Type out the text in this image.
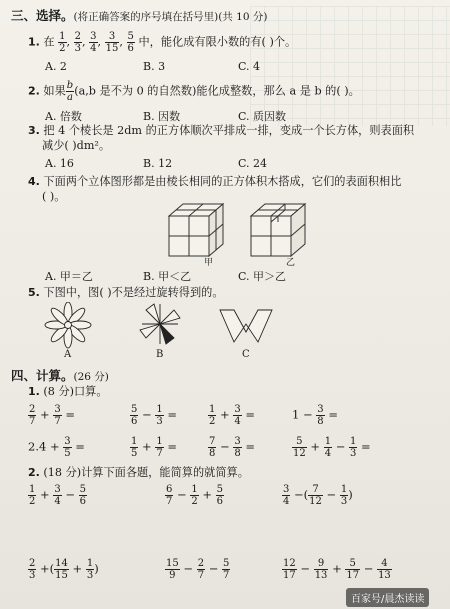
三、选择。(将正确答案的序号填在括号里)(共 10 分)
1. 在 $\frac{1}{2}$ , $\frac{2}{3}$ , $\frac{3}{4}$ , $\frac{3}{15}$ , $\frac{5}{6}$ 中，能化成有限小数的有( )个。
A. 2	B. 3	C. 4
2. 如果 $\frac{b}{a} (a,b$ 是不为 0 的自然数)能化成整数，那么 a 是 b 的( )。
A. 倍数	B. 因数	C. 质因数
3. 把 4 个棱长是 2dm 的正方体顺次平排成一排，变成一个长方体，则表面积
减少( )dm²。
A. 16	B. 12	C. 24
4. 下面两个立体图形都是由棱长相同的正方体积木搭成，它们的表面积相比
( )。
甲	乙
A. 甲＝乙	B. 甲＜乙	C. 甲＞乙
5. 下图中，图( )不是经过旋转得到的。
A	B	C
四、计算。(26 分)
1. (8 分)口算。
$\frac{2}{7} + \frac{3}{7}$ =	$\frac{5}{6} - \frac{1}{3}$ =	$\frac{1}{2} + \frac{3}{4}$ =	$1 - \frac{3}{8}$ =
$2.4 + \frac{3}{5}$ =	$\frac{1}{5} + \frac{1}{7}$ =	$\frac{7}{8} - \frac{3}{8}$ =	$\frac{5}{12} + \frac{1}{4} - \frac{1}{3}$ =
2. (18 分)计算下面各题，能简算的就简算。
$\frac{1}{2} + \frac{3}{4} - \frac{5}{6}$	$\frac{6}{7} - \frac{1}{2} + \frac{5}{6}$	$\frac{3}{4}$ −( $\frac{7}{12} - \frac{1}{3}$ )
$\frac{2}{3}$ +( $\frac{14}{15} + \frac{1}{3}$ )	$\frac{15}{9} - \frac{2}{7} - \frac{5}{7}$	$\frac{12}{17} - \frac{9}{13} + \frac{5}{17} - \frac{4}{13}$
百家号/晨杰读读
